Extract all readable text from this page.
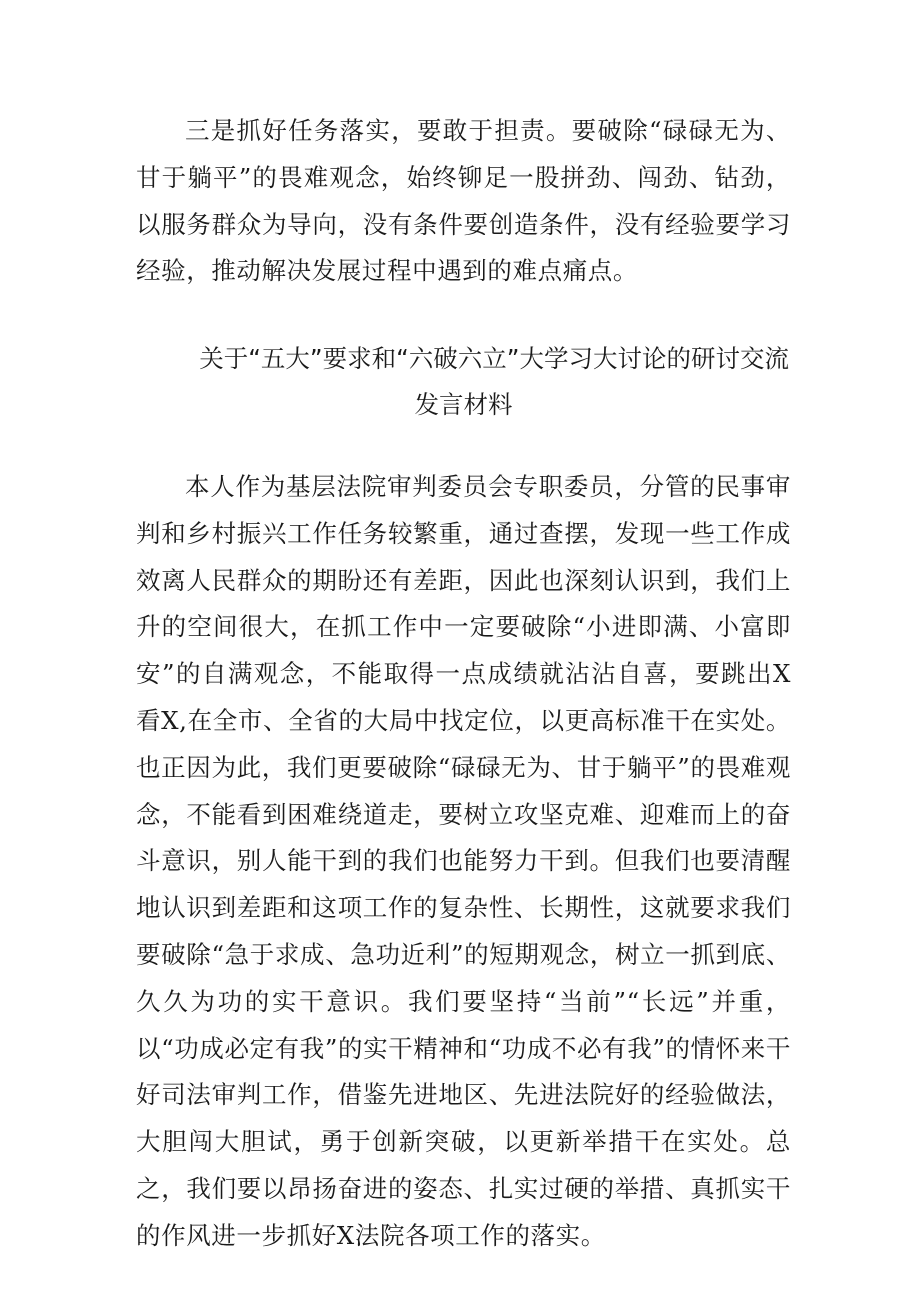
三是抓好任务落实，要敢于担责。要破除“碌碌无为、甘于躺平”的畏难观念，始终铆足一股拼劲、闯劲、钻劲，以服务群众为导向，没有条件要创造条件，没有经验要学习经验，推动解决发展过程中遇到的难点痛点。

关于“五大”要求和“六破六立”大学习大讨论的研讨交流
发言材料

本人作为基层法院审判委员会专职委员，分管的民事审判和乡村振兴工作任务较繁重，通过查摆，发现一些工作成效离人民群众的期盼还有差距，因此也深刻认识到，我们上升的空间很大，在抓工作中一定要破除“小进即满、小富即安”的自满观念，不能取得一点成绩就沾沾自喜，要跳出X看X,在全市、全省的大局中找定位，以更高标准干在实处。也正因为此，我们更要破除“碌碌无为、甘于躺平”的畏难观念，不能看到困难绕道走，要树立攻坚克难、迎难而上的奋斗意识，别人能干到的我们也能努力干到。但我们也要清醒地认识到差距和这项工作的复杂性、长期性，这就要求我们要破除“急于求成、急功近利”的短期观念，树立一抓到底、久久为功的实干意识。我们要坚持“当前”“长远”并重，以“功成必定有我”的实干精神和“功成不必有我”的情怀来干好司法审判工作，借鉴先进地区、先进法院好的经验做法，大胆闯大胆试，勇于创新突破，以更新举措干在实处。总之，我们要以昂扬奋进的姿态、扎实过硬的举措、真抓实干的作风进一步抓好X法院各项工作的落实。
